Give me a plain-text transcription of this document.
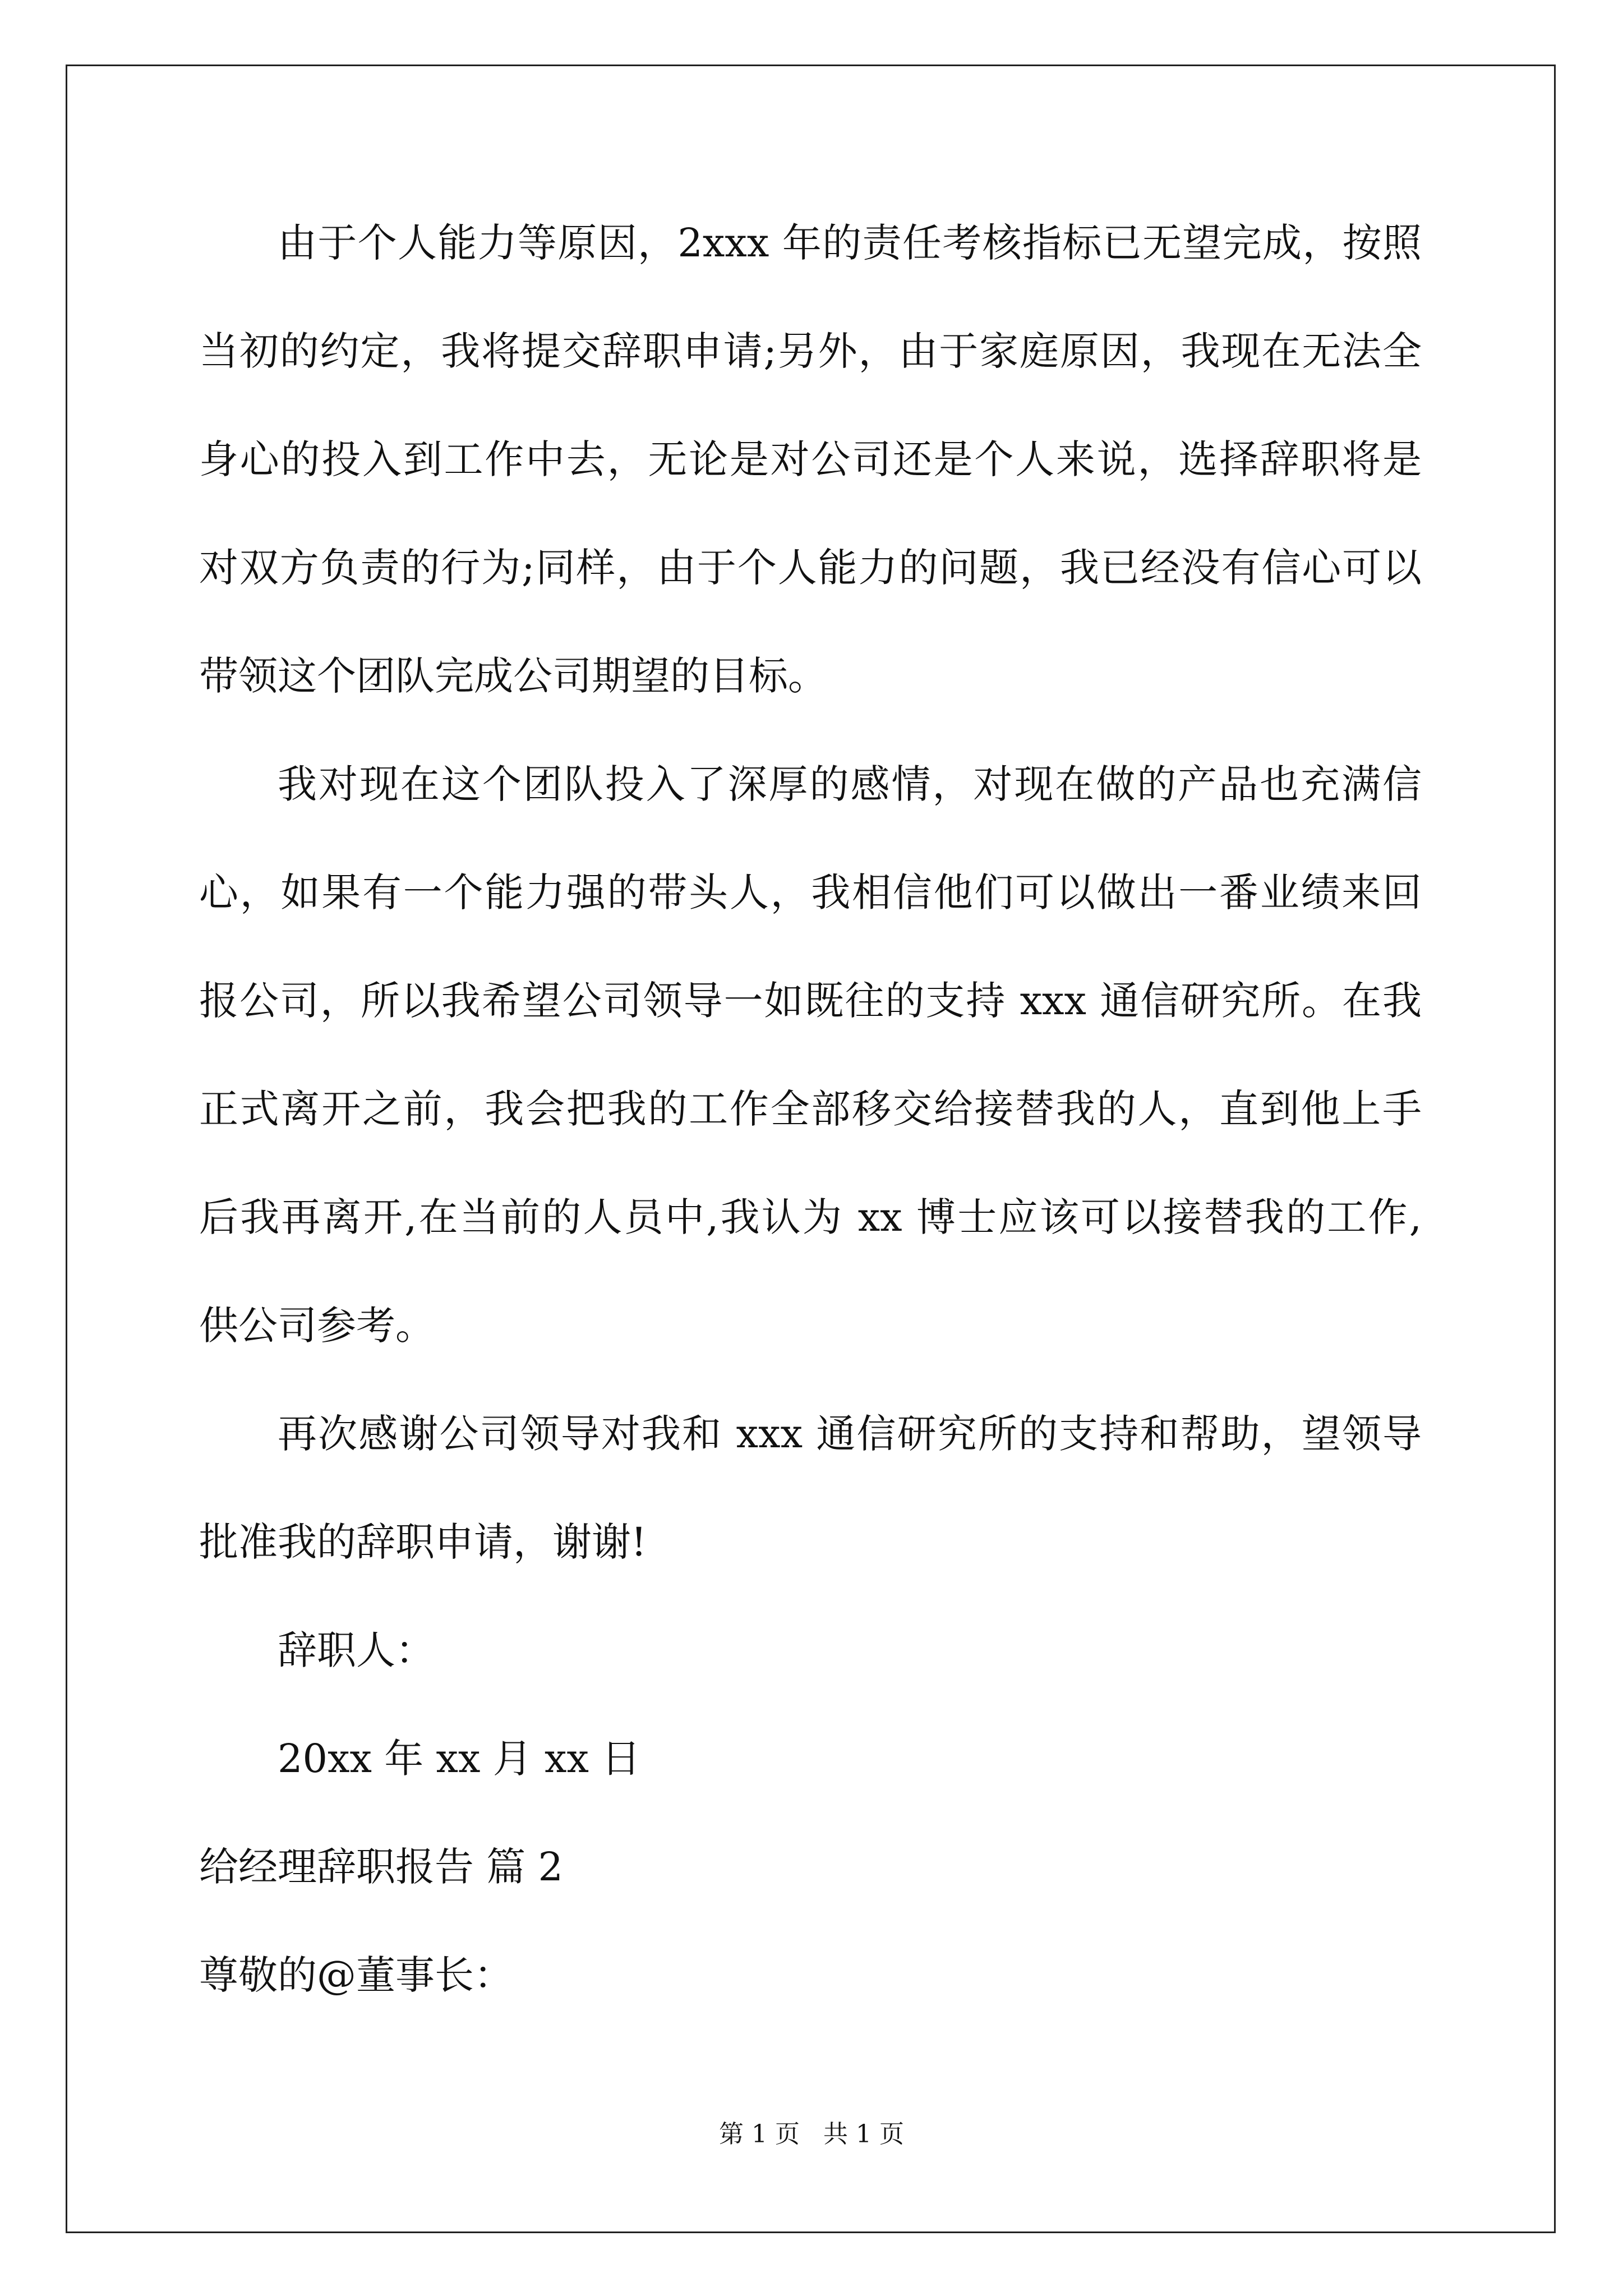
由于个人能力等原因，2xxx 年的责任考核指标已无望完成，按照
当初的约定，我将提交辞职申请;另外，由于家庭原因，我现在无法全
身心的投入到工作中去，无论是对公司还是个人来说，选择辞职将是
对双方负责的行为;同样，由于个人能力的问题，我已经没有信心可以
带领这个团队完成公司期望的目标。
我对现在这个团队投入了深厚的感情，对现在做的产品也充满信
心，如果有一个能力强的带头人，我相信他们可以做出一番业绩来回
报公司，所以我希望公司领导一如既往的支持 xxx 通信研究所。在我
正式离开之前，我会把我的工作全部移交给接替我的人，直到他上手
后我再离开,在当前的人员中,我认为 xx 博士应该可以接替我的工作,
供公司参考。
再次感谢公司领导对我和 xxx 通信研究所的支持和帮助，望领导
批准我的辞职申请，谢谢!
辞职人：
20xx 年 xx 月 xx 日
给经理辞职报告 篇 2
尊敬的@董事长：
第 1 页   共 1 页
